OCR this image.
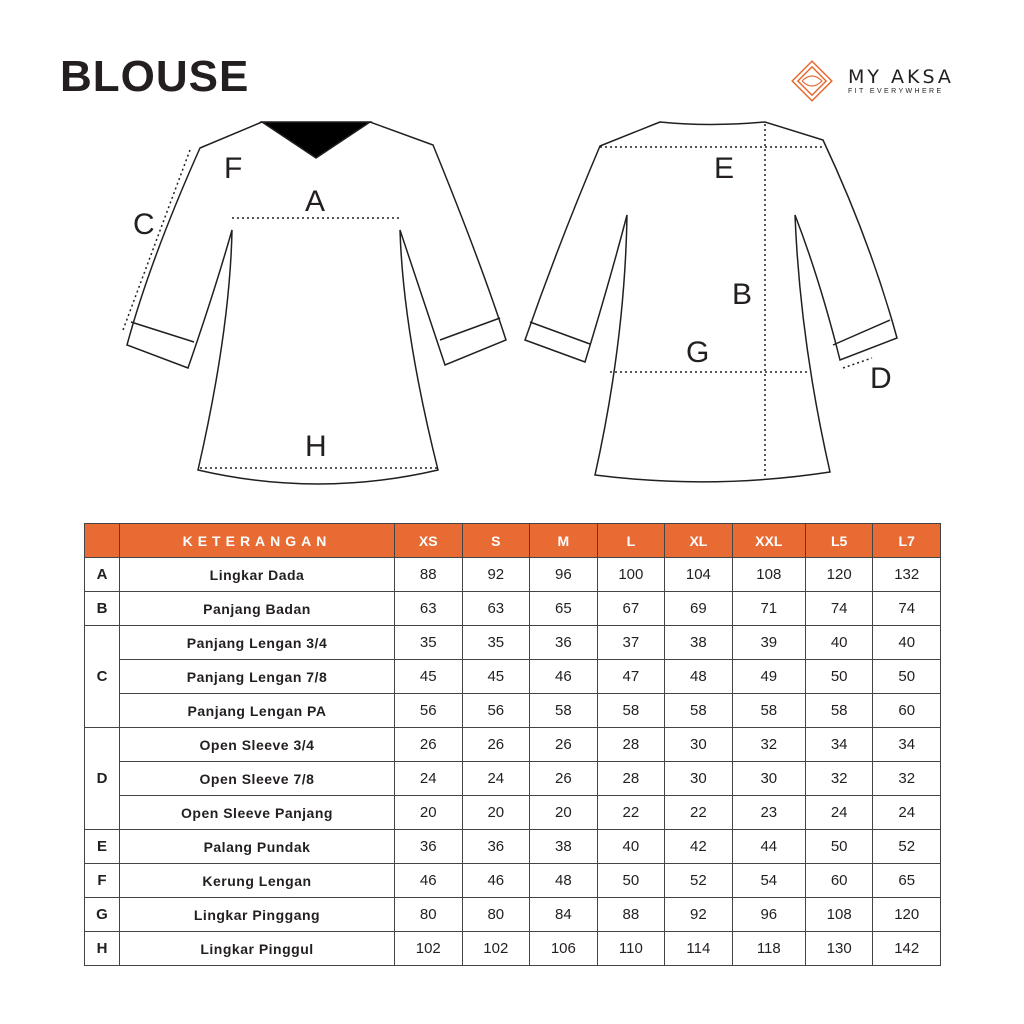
BLOUSE	MY AKSA
FIT EVERYWHERE
A
C
F
H
E
B
G
D
	KETERANGAN	XS	S	M	L	XL	XXL	L5	L7
A	Lingkar Dada	88	92	96	100	104	108	120	132
B	Panjang Badan	63	63	65	67	69	71	74	74
C	Panjang Lengan 3/4	35	35	36	37	38	39	40	40
	Panjang Lengan 7/8	45	45	46	47	48	49	50	50
	Panjang Lengan PA	56	56	58	58	58	58	58	60
D	Open Sleeve 3/4	26	26	26	28	30	32	34	34
	Open Sleeve 7/8	24	24	26	28	30	30	32	32
	Open Sleeve Panjang	20	20	20	22	22	23	24	24
E	Palang Pundak	36	36	38	40	42	44	50	52
F	Kerung Lengan	46	46	48	50	52	54	60	65
G	Lingkar Pinggang	80	80	84	88	92	96	108	120
H	Lingkar Pinggul	102	102	106	110	114	118	130	142
